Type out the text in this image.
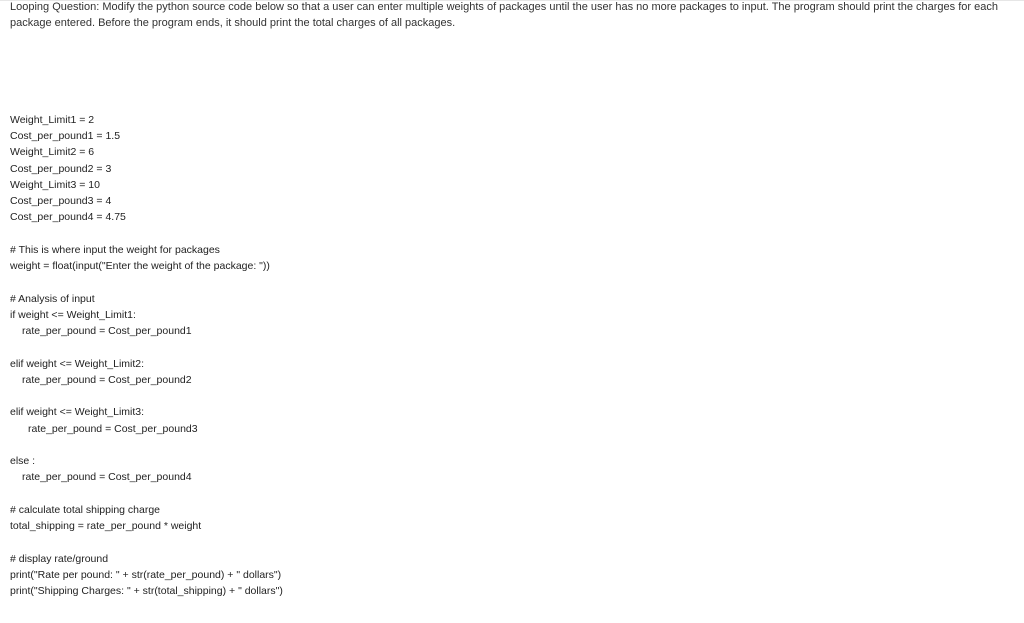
Looping Question: Modify the python source code below so that a user can enter multiple weights of packages until the user has no more packages to input. The program should print the charges for each
package entered. Before the program ends, it should print the total charges of all packages.
Weight_Limit1 = 2
Cost_per_pound1 = 1.5
Weight_Limit2 = 6
Cost_per_pound2 = 3
Weight_Limit3 = 10
Cost_per_pound3 = 4
Cost_per_pound4 = 4.75
# This is where input the weight for packages
weight = float(input("Enter the weight of the package: "))
# Analysis of input
if weight <= Weight_Limit1:
rate_per_pound = Cost_per_pound1
elif weight <= Weight_Limit2:
rate_per_pound = Cost_per_pound2
elif weight <= Weight_Limit3:
rate_per_pound = Cost_per_pound3
else :
rate_per_pound = Cost_per_pound4
# calculate total shipping charge
total_shipping = rate_per_pound * weight
# display rate/ground
print("Rate per pound: " + str(rate_per_pound) + " dollars")
print("Shipping Charges: " + str(total_shipping) + " dollars")
